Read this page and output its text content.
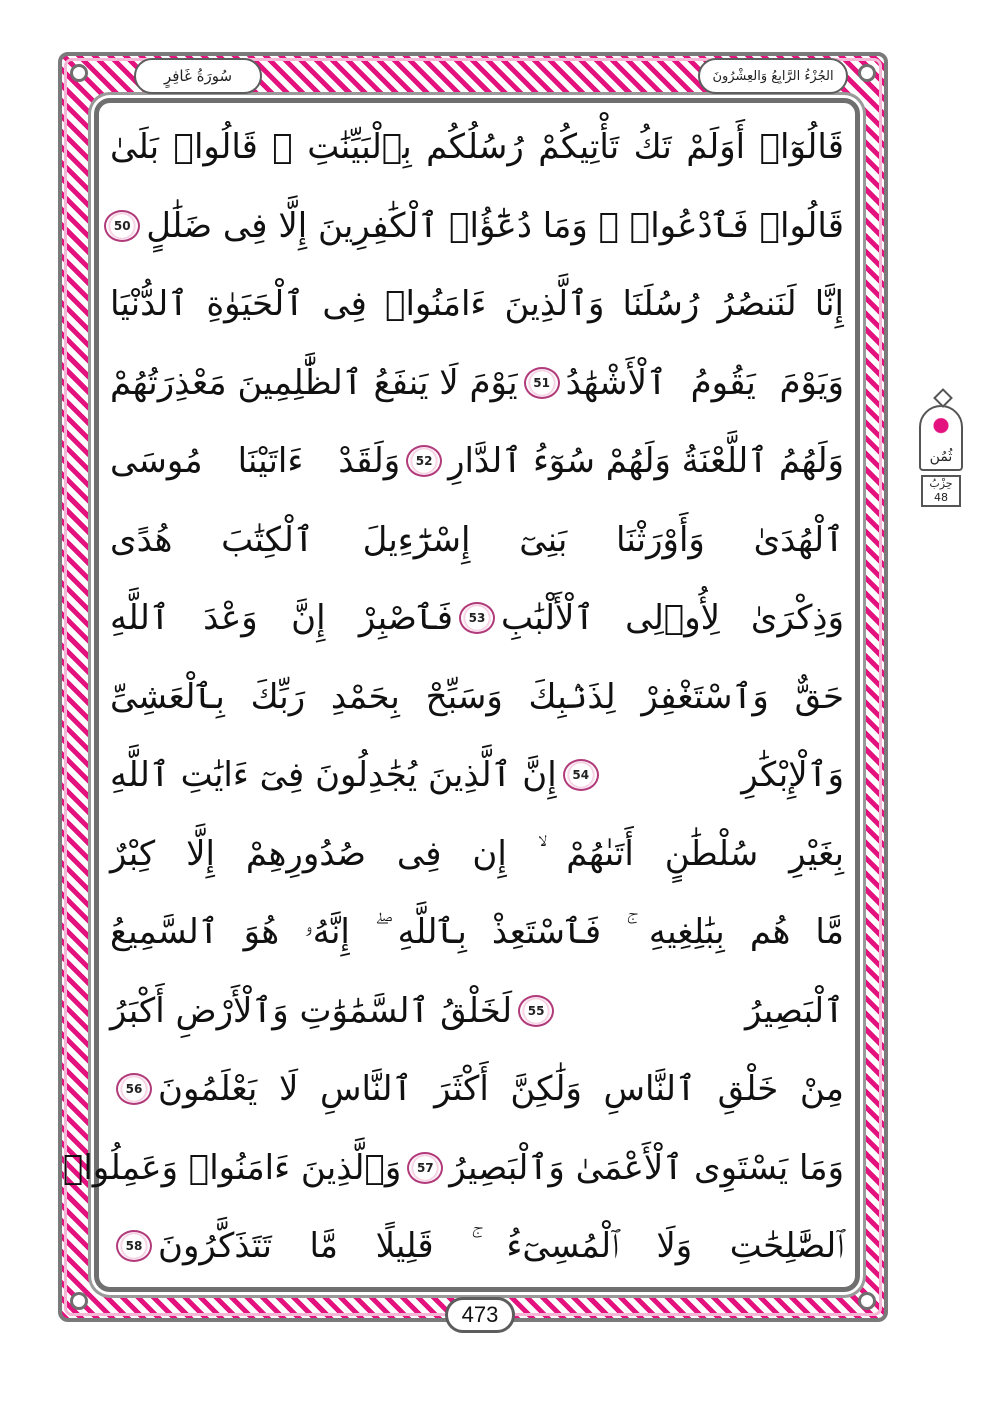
سُورَةُ غَافِرٍ	الجُزْءُ الرَّابِعُ وَالعِشْرُونَ
ثُمُن
حِزْبُ
48
قَالُوٓا۟ أَوَلَمْ تَكُ تَأْتِيكُمْ رُسُلُكُم بِٱلْبَيِّنَٰتِ ۖ قَالُوا۟ بَلَىٰ
قَالُوا۟ فَٱدْعُوا۟ ۗ وَمَا دُعَٰٓؤُا۟ ٱلْكَٰفِرِينَ إِلَّا فِى ضَلَٰلٍ
50
إِنَّا لَنَنصُرُ رُسُلَنَا وَٱلَّذِينَ ءَامَنُوا۟ فِى ٱلْحَيَوٰةِ ٱلدُّنْيَا
وَيَوْمَ يَقُومُ ٱلْأَشْهَٰدُ
51
يَوْمَ لَا يَنفَعُ ٱلظَّٰلِمِينَ مَعْذِرَتُهُمْ
وَلَهُمُ ٱللَّعْنَةُ وَلَهُمْ سُوٓءُ ٱلدَّارِ
52
وَلَقَدْ ءَاتَيْنَا مُوسَى
ٱلْهُدَىٰ وَأَوْرَثْنَا بَنِىٓ إِسْرَٰٓءِيلَ ٱلْكِتَٰبَ هُدًى
وَذِكْرَىٰ لِأُو۟لِى ٱلْأَلْبَٰبِ
53
فَٱصْبِرْ إِنَّ وَعْدَ ٱللَّهِ
حَقٌّ وَٱسْتَغْفِرْ لِذَنۢبِكَ وَسَبِّحْ بِحَمْدِ رَبِّكَ بِٱلْعَشِىِّ
وَٱلْإِبْكَٰرِ
54
إِنَّ ٱلَّذِينَ يُجَٰدِلُونَ فِىٓ ءَايَٰتِ ٱللَّهِ
بِغَيْرِ سُلْطَٰنٍ أَتَىٰهُمْ ۙ إِن فِى صُدُورِهِمْ إِلَّا كِبْرٌ
مَّا هُم بِبَٰلِغِيهِ ۚ فَٱسْتَعِذْ بِٱللَّهِ ۖ إِنَّهُۥ هُوَ ٱلسَّمِيعُ
ٱلْبَصِيرُ
55
لَخَلْقُ ٱلسَّمَٰوَٰتِ وَٱلْأَرْضِ أَكْبَرُ
مِنْ خَلْقِ ٱلنَّاسِ وَلَٰكِنَّ أَكْثَرَ ٱلنَّاسِ لَا يَعْلَمُونَ
56
وَمَا يَسْتَوِى ٱلْأَعْمَىٰ وَٱلْبَصِيرُ
57
وَٱلَّذِينَ ءَامَنُوا۟ وَعَمِلُوا۟
ٱلصَّٰلِحَٰتِ وَلَا ٱلْمُسِىٓءُ ۚ قَلِيلًا مَّا تَتَذَكَّرُونَ
58
473
